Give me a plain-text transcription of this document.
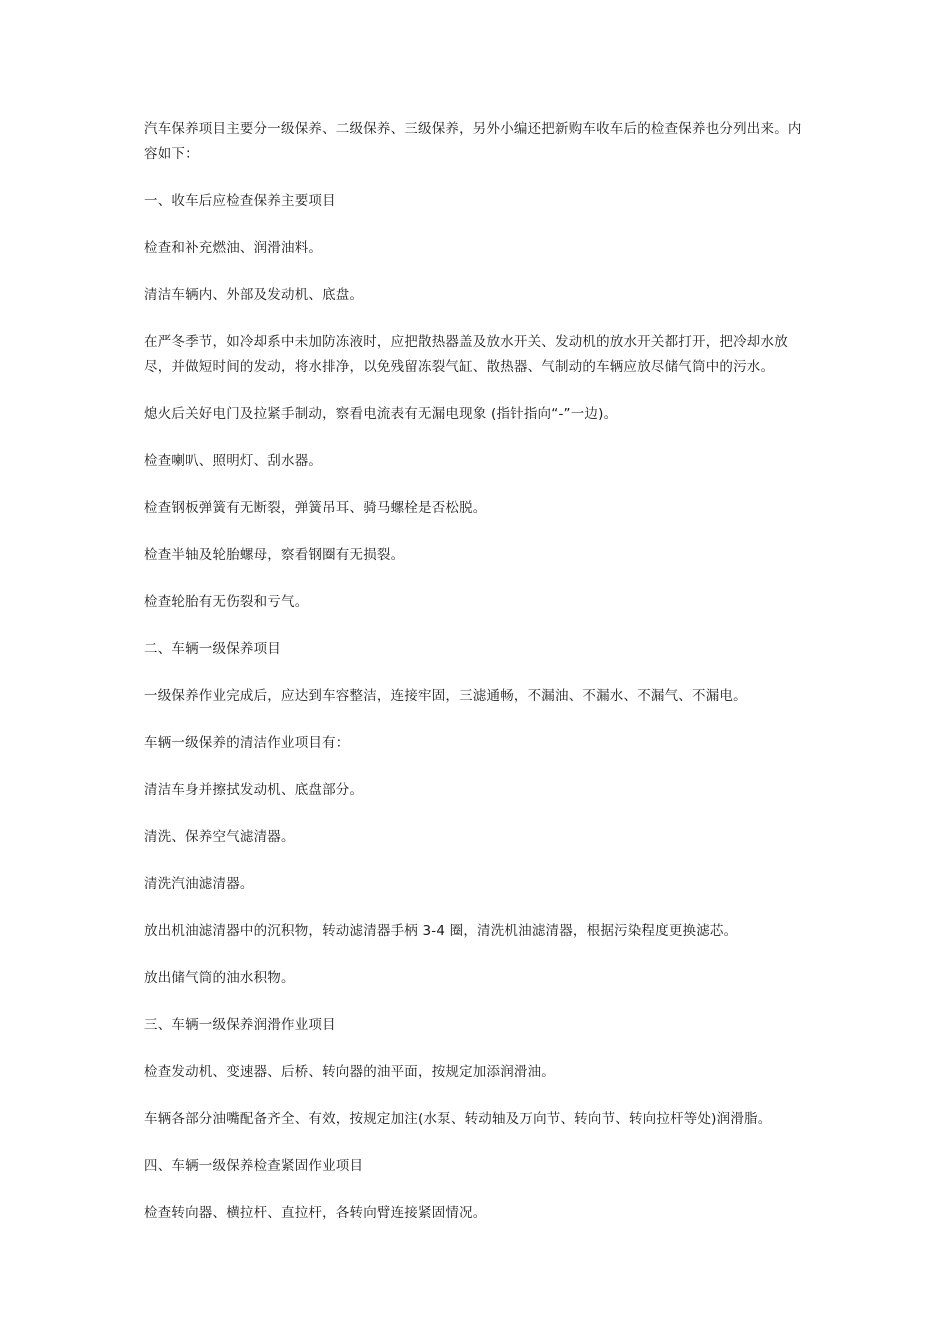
汽车保养项目主要分一级保养、二级保养、三级保养，另外小编还把新购车收车后的检查保养也分列出来。内容如下：

一、收车后应检查保养主要项目

检查和补充燃油、润滑油料。

清洁车辆内、外部及发动机、底盘。

在严冬季节，如冷却系中未加防冻液时，应把散热器盖及放水开关、发动机的放水开关都打开，把冷却水放尽，并做短时间的发动，将水排净，以免残留冻裂气缸、散热器、气制动的车辆应放尽储气筒中的污水。

熄火后关好电门及拉紧手制动，察看电流表有无漏电现象 (指针指向“-”一边)。

检查喇叭、照明灯、刮水器。

检查钢板弹簧有无断裂，弹簧吊耳、骑马螺栓是否松脱。

检查半轴及轮胎螺母，察看钢圈有无损裂。

检查轮胎有无伤裂和亏气。

二、车辆一级保养项目

一级保养作业完成后，应达到车容整洁，连接牢固，三滤通畅，不漏油、不漏水、不漏气、不漏电。

车辆一级保养的清洁作业项目有：

清洁车身并擦拭发动机、底盘部分。

清洗、保养空气滤清器。

清洗汽油滤清器。

放出机油滤清器中的沉积物，转动滤清器手柄 3-4 圈，清洗机油滤清器，根据污染程度更换滤芯。

放出储气筒的油水积物。

三、车辆一级保养润滑作业项目

检查发动机、变速器、后桥、转向器的油平面，按规定加添润滑油。

车辆各部分油嘴配备齐全、有效，按规定加注(水泵、转动轴及万向节、转向节、转向拉杆等处)润滑脂。

四、车辆一级保养检查紧固作业项目

检查转向器、横拉杆、直拉杆，各转向臂连接紧固情况。
